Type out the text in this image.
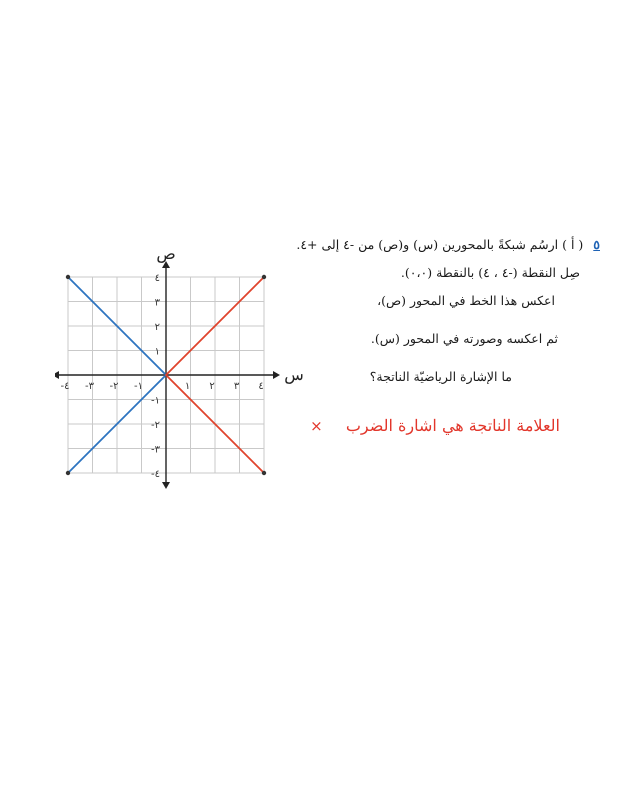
-٤ -٣ -٢ -١	١ ٢ ٣ ٤
٤
٣
٢
١
-١
-٢
-٣
-٤
س
ص	٥ ( أ ) ارسُم شبكةً بالمحورين (س) و(ص) من -٤ إلى +٤.
صِل النقطة (-٤ ، ٤) بالنقطة (٠،٠).
اعكس هذا الخط في المحور (ص)،
ثم اعكسه وصورته في المحور (س).
ما الإشارة الرياضيّة الناتجة؟
العلامة الناتجة هي اشارة الضرب ×
